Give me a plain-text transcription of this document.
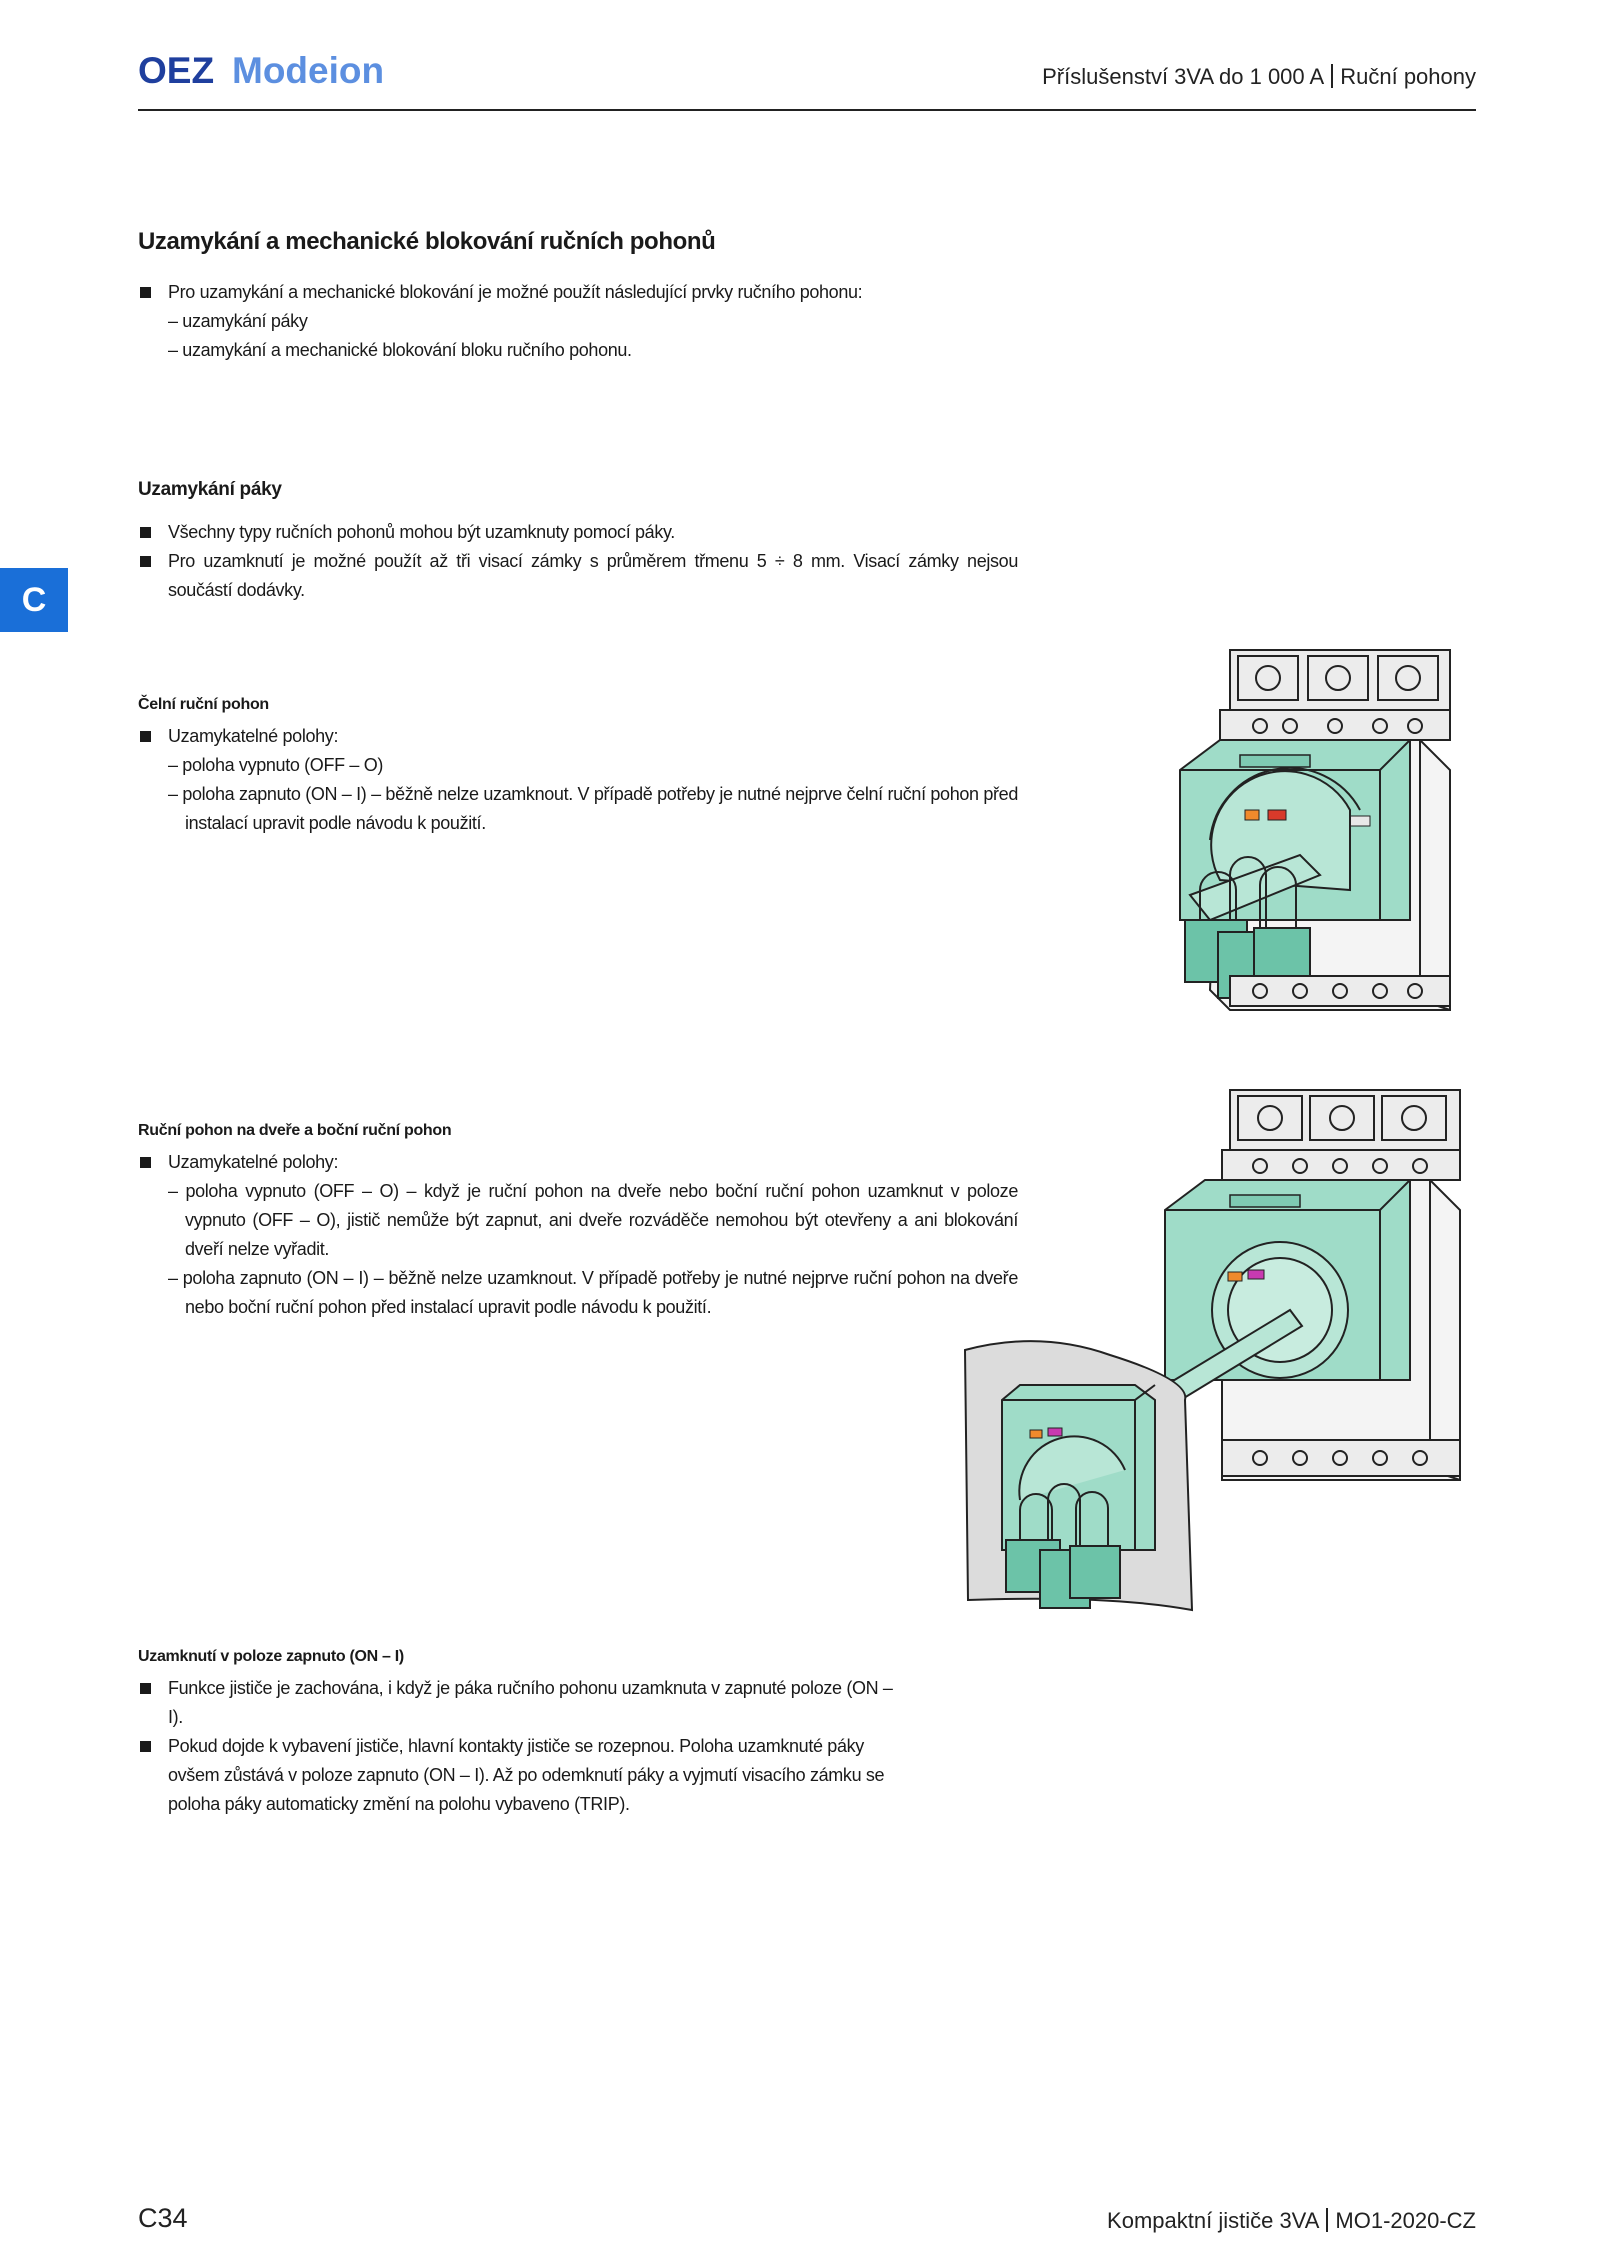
OEZ Modeion	Příslušenství 3VA do 1 000 A Ruční pohony
C
Uzamykání a mechanické blokování ručních pohonů
Pro uzamykání a mechanické blokování je možné použít následující prvky ručního pohonu:
– uzamykání páky
– uzamykání a mechanické blokování bloku ručního pohonu.
Uzamykání páky
Všechny typy ručních pohonů mohou být uzamknuty pomocí páky.
Pro uzamknutí je možné použít až tři visací zámky s průměrem třmenu 5 ÷ 8 mm. Visací zámky nejsou součástí dodávky.
Čelní ruční pohon
Uzamykatelné polohy:
– poloha vypnuto (OFF – O)
– poloha zapnuto (ON – I) – běžně nelze uzamknout. V případě potřeby je nutné nejprve čelní ruční pohon před instalací upravit podle návodu k použití.
Ruční pohon na dveře a boční ruční pohon
Uzamykatelné polohy:
– poloha vypnuto (OFF – O) – když je ruční pohon na dveře nebo boční ruční pohon uzamknut v poloze vypnuto (OFF – O), jistič nemůže být zapnut, ani dveře rozváděče nemohou být otevřeny a ani blokování dveří nelze vyřadit.
– poloha zapnuto (ON – I) – běžně nelze uzamknout. V případě potřeby je nutné nejprve ruční pohon na dveře nebo boční ruční pohon před instalací upravit podle návodu k použití.
Uzamknutí v poloze zapnuto (ON – I)
Funkce jističe je zachována, i když je páka ručního pohonu uzamknuta v zapnuté poloze (ON – I).
Pokud dojde k vybavení jističe, hlavní kontakty jističe se rozepnou. Poloha uzamknuté páky ovšem zůstává v poloze zapnuto (ON – I). Až po odemknutí páky a vyjmutí visacího zámku se poloha páky automaticky změní na polohu vybaveno (TRIP).
C34	Kompaktní jističe 3VA MO1-2020-CZ
